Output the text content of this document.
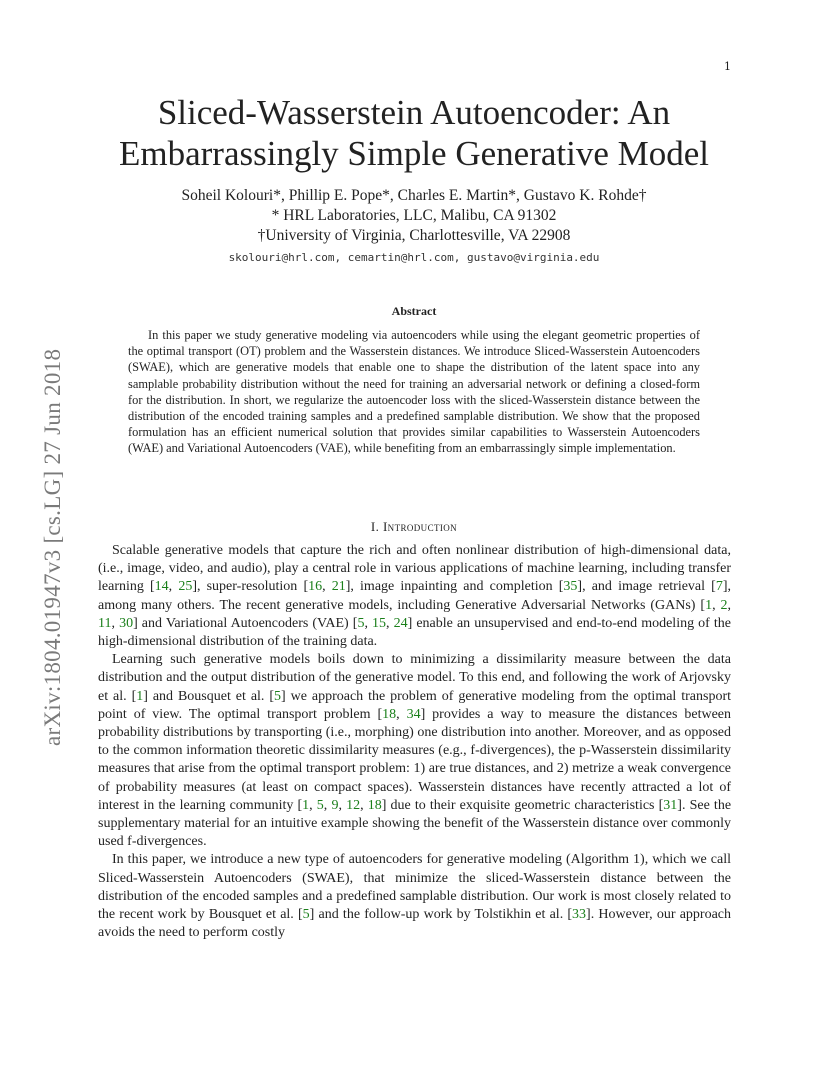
1
arXiv:1804.01947v3 [cs.LG] 27 Jun 2018
Sliced-Wasserstein Autoencoder: An
Embarrassingly Simple Generative Model
Soheil Kolouri*, Phillip E. Pope*, Charles E. Martin*, Gustavo K. Rohde†
* HRL Laboratories, LLC, Malibu, CA 91302
†University of Virginia, Charlottesville, VA 22908
skolouri@hrl.com, cemartin@hrl.com, gustavo@virginia.edu
Abstract

In this paper we study generative modeling via autoencoders while using the elegant geometric properties of the optimal transport (OT) problem and the Wasserstein distances. We introduce Sliced-Wasserstein Autoencoders (SWAE), which are generative models that enable one to shape the distribution of the latent space into any samplable probability distribution without the need for training an adversarial network or defining a closed-form for the distribution. In short, we regularize the autoencoder loss with the sliced-Wasserstein distance between the distribution of the encoded training samples and a predefined samplable distribution. We show that the proposed formulation has an efficient numerical solution that provides similar capabilities to Wasserstein Autoencoders (WAE) and Variational Autoencoders (VAE), while benefiting from an embarrassingly simple implementation.

I. Introduction

Scalable generative models that capture the rich and often nonlinear distribution of high-dimensional data, (i.e., image, video, and audio), play a central role in various applications of machine learning, including transfer learning [14, 25], super-resolution [16, 21], image inpainting and completion [35], and image retrieval [7], among many others. The recent generative models, including Generative Adversarial Networks (GANs) [1, 2, 11, 30] and Variational Autoencoders (VAE) [5, 15, 24] enable an unsupervised and end-to-end modeling of the high-dimensional distribution of the training data.

Learning such generative models boils down to minimizing a dissimilarity measure between the data distribution and the output distribution of the generative model. To this end, and following the work of Arjovsky et al. [1] and Bousquet et al. [5] we approach the problem of generative modeling from the optimal transport point of view. The optimal transport problem [18, 34] provides a way to measure the distances between probability distributions by transporting (i.e., morphing) one distribution into another. Moreover, and as opposed to the common information theoretic dissimilarity measures (e.g., f-divergences), the p-Wasserstein dissimilarity measures that arise from the optimal transport problem: 1) are true distances, and 2) metrize a weak convergence of probability measures (at least on compact spaces). Wasserstein distances have recently attracted a lot of interest in the learning community [1, 5, 9, 12, 18] due to their exquisite geometric characteristics [31]. See the supplementary material for an intuitive example showing the benefit of the Wasserstein distance over commonly used f-divergences.

In this paper, we introduce a new type of autoencoders for generative modeling (Algorithm 1), which we call Sliced-Wasserstein Autoencoders (SWAE), that minimize the sliced-Wasserstein distance between the distribution of the encoded samples and a predefined samplable distribution. Our work is most closely related to the recent work by Bousquet et al. [5] and the follow-up work by Tolstikhin et al. [33]. However, our approach avoids the need to perform costly
